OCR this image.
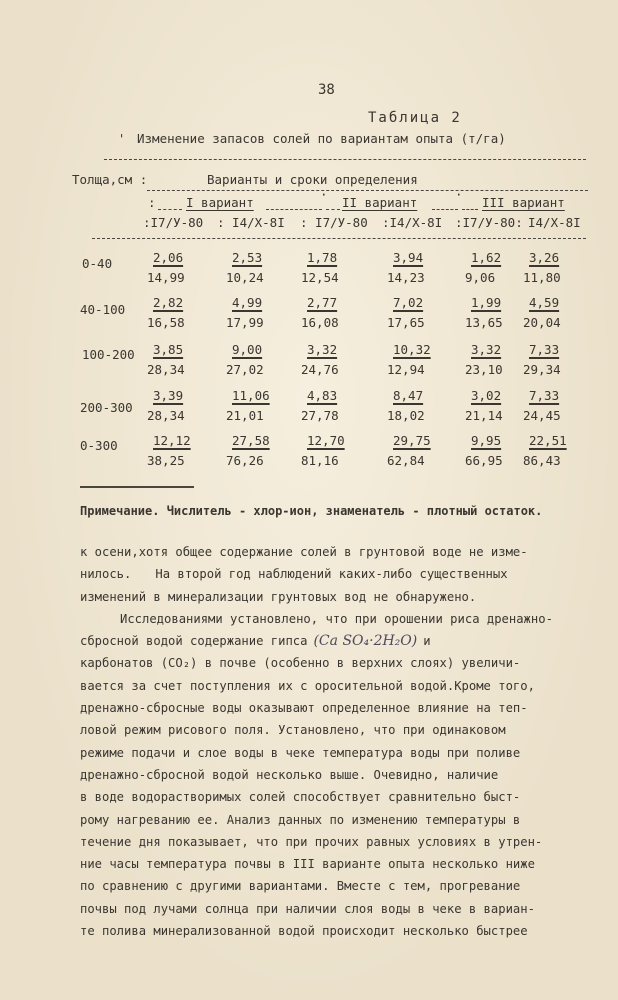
38
Таблица 2
' Изменение запасов солей по вариантам опыта (т/га)
Толща,см :	Варианты и сроки определения
: I вариант
·
II вариант
·
III вариант
:I7/У-80 : I4/X-8I : I7/У-80 :I4/X-8I :I7/У-80: I4/X-8I
0-40
40-100
100-200
200-300
0-300
$\frac{2,06}{14,99} \frac{2,53}{10,24} \frac{1,78}{12,54} \frac{3,94}{14,23} \frac{1,62}{9,06}$
$\frac{3,26}{11,80}$
$\frac{2,82}{16,58} \frac{4,99}{17,99} \frac{2,77}{16,08} \frac{7,02}{17,65} \frac{1,99}{13,65}$
$\frac{4,59}{20,04}$
$\frac{3,85}{28,34} \frac{9,00}{27,02} \frac{3,32}{24,76} \frac{10,32}{12,94} \frac{3,32}{23,10}$
$\frac{7,33}{29,34}$
$\frac{3,39}{28,34} \frac{11,06}{21,01} \frac{4,83}{27,78} \frac{8,47}{18,02} \frac{3,02}{21,14}$
$\frac{7,33}{24,45}$
$\frac{12,12}{38,25} \frac{27,58}{76,26} \frac{12,70}{81,16} \frac{29,75}{62,84} \frac{9,95}{66,95}$
$\frac{22,51}{86,43}$
Примечание. Числитель - хлор-ион, знаменатель - плотный остаток.
к осени,хотя общее содержание солей в грунтовой воде не изме-
нилось. На второй год наблюдений каких-либо существенных
изменений в минерализации грунтовых вод не обнаружено.
Исследованиями установлено, что при орошении риса дренажно-
сбросной водой содержание гипса (Ca SO₄·2H₂O) и
карбонатов (CO₂) в почве (особенно в верхних слоях) увеличи-
вается за счет поступления их с оросительной водой.Кроме того,
дренажно-сбросные воды оказывают определенное влияние на теп-
ловой режим рисового поля. Установлено, что при одинаковом
режиме подачи и слое воды в чеке температура воды при поливе
дренажно-сбросной водой несколько выше. Очевидно, наличие
в воде водорастворимых солей способствует сравнительно быст-
рому нагреванию ее. Анализ данных по изменению температуры в
течение дня показывает, что при прочих равных условиях в утрен-
ние часы температура почвы в III варианте опыта несколько ниже
по сравнению с другими вариантами. Вместе с тем, прогревание
почвы под лучами солнца при наличии слоя воды в чеке в вариан-
те полива минерализованной водой происходит несколько быстрее
